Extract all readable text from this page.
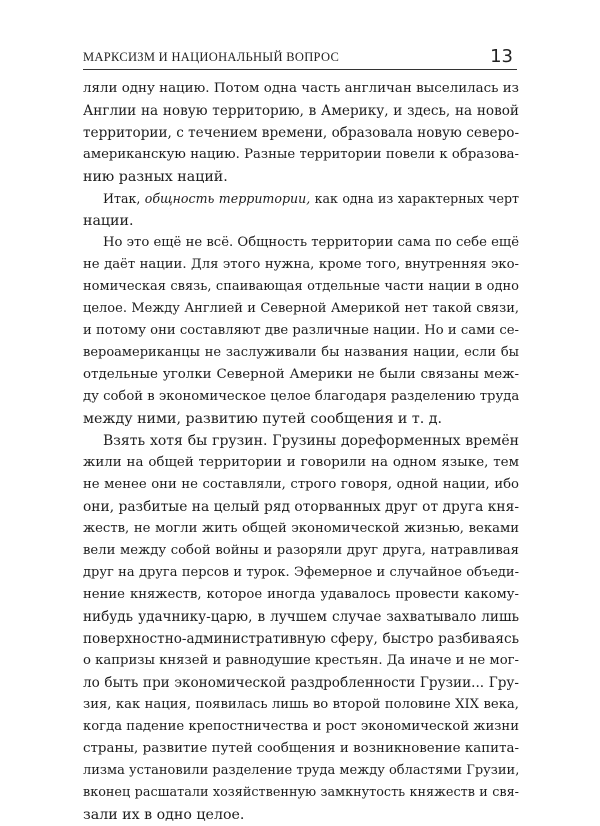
МАРКСИЗМ И НАЦИОНАЛЬНЫЙ ВОПРОС	13
ляли одну нацию. Потом одна часть англичан выселилась из
Англии на новую территорию, в Америку, и здесь, на новой
территории, с течением времени, образовала новую северо-
американскую нацию. Разные территории повели к образова-
нию разных наций.
Итак, общность территории, как одна из характерных черт
нации.
Но это ещё не всё. Общность территории сама по себе ещё
не даёт нации. Для этого нужна, кроме того, внутренняя эко-
номическая связь, спаивающая отдельные части нации в одно
целое. Между Англией и Северной Америкой нет такой связи,
и потому они составляют две различные нации. Но и сами се-
вероамериканцы не заслуживали бы названия нации, если бы
отдельные уголки Северной Америки не были связаны меж-
ду собой в экономическое целое благодаря разделению труда
между ними, развитию путей сообщения и т. д.
Взять хотя бы грузин. Грузины дореформенных времён
жили на общей территории и говорили на одном языке, тем
не менее они не составляли, строго говоря, одной нации, ибо
они, разбитые на целый ряд оторванных друг от друга кня-
жеств, не могли жить общей экономической жизнью, веками
вели между собой войны и разоряли друг друга, натравливая
друг на друга персов и турок. Эфемерное и случайное объеди-
нение княжеств, которое иногда удавалось провести какому-
нибудь удачнику-царю, в лучшем случае захватывало лишь
поверхностно-административную сферу, быстро разбиваясь
о капризы князей и равнодушие крестьян. Да иначе и не мог-
ло быть при экономической раздробленности Грузии... Гру-
зия, как нация, появилась лишь во второй половине XIX века,
когда падение крепостничества и рост экономической жизни
страны, развитие путей сообщения и возникновение капита-
лизма установили разделение труда между областями Грузии,
вконец расшатали хозяйственную замкнутость княжеств и свя-
зали их в одно целое.
